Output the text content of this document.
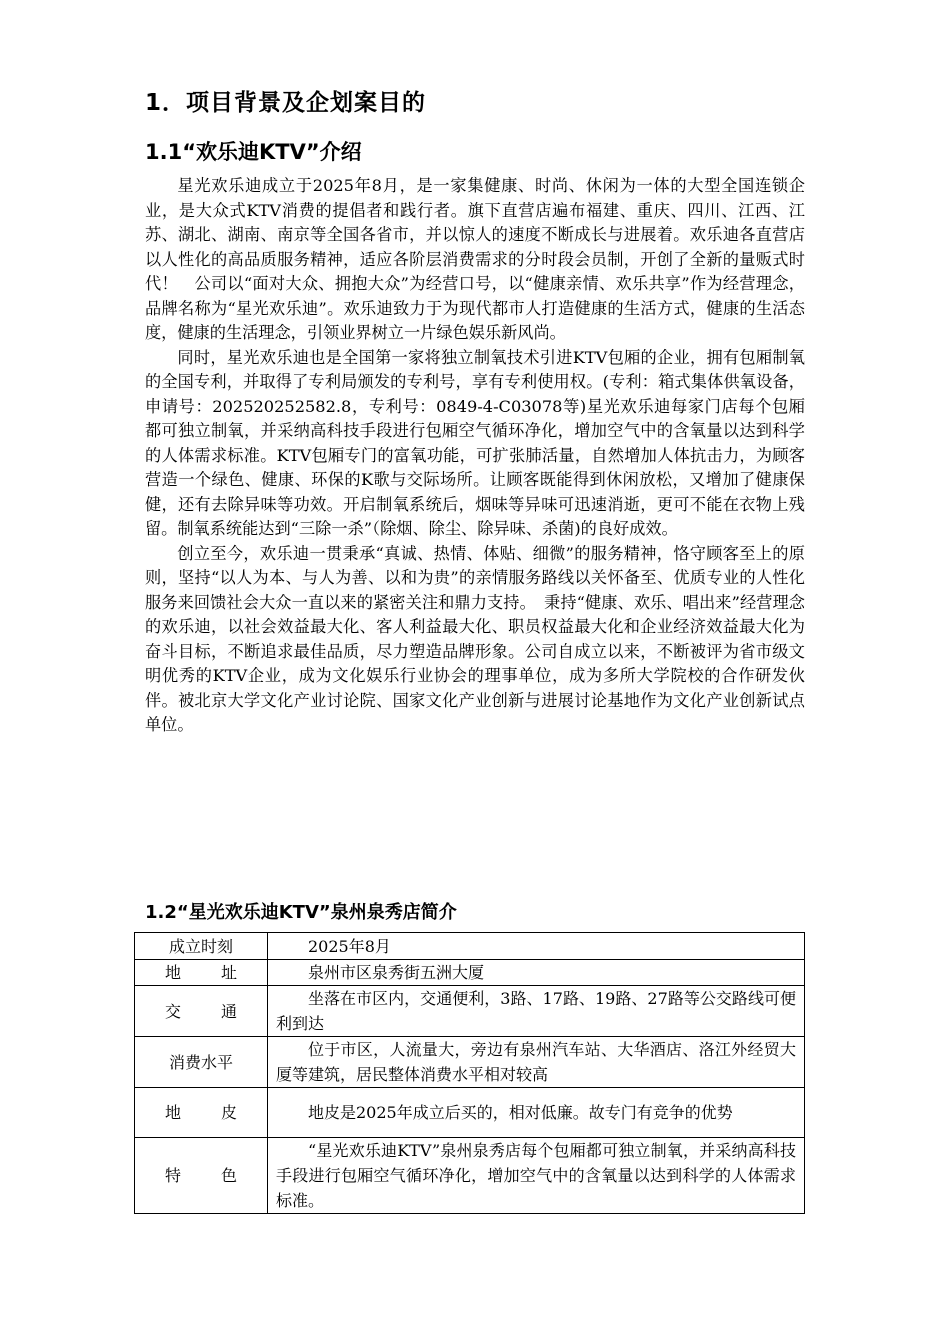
1．项目背景及企划案目的
1.1“欢乐迪KTV”介绍

星光欢乐迪成立于2025年8月，是一家集健康、时尚、休闲为一体的大型全国连锁企业，是大众式KTV消费的提倡者和践行者。旗下直营店遍布福建、重庆、四川、江西、江苏、湖北、湖南、南京等全国各省市，并以惊人的速度不断成长与进展着。欢乐迪各直营店以人性化的高品质服务精神，适应各阶层消费需求的分时段会员制，开创了全新的量贩式时代！　公司以“面对大众、拥抱大众”为经营口号，以“健康亲情、欢乐共享”作为经营理念，品牌名称为“星光欢乐迪”。欢乐迪致力于为现代都市人打造健康的生活方式，健康的生活态度，健康的生活理念，引领业界树立一片绿色娱乐新风尚。

同时，星光欢乐迪也是全国第一家将独立制氧技术引进KTV包厢的企业，拥有包厢制氧的全国专利，并取得了专利局颁发的专利号，享有专利使用权。(专利：箱式集体供氧设备，申请号：202520252582.8，专利号：0849-4-C03078等)星光欢乐迪每家门店每个包厢都可独立制氧，并采纳高科技手段进行包厢空气循环净化，增加空气中的含氧量以达到科学的人体需求标准。KTV包厢专门的富氧功能，可扩张肺活量，自然增加人体抗击力，为顾客营造一个绿色、健康、环保的K歌与交际场所。让顾客既能得到休闲放松，又增加了健康保健，还有去除异味等功效。开启制氧系统后，烟味等异味可迅速消逝，更可不能在衣物上残留。制氧系统能达到“三除一杀”（除烟、除尘、除异味、杀菌)的良好成效。

创立至今，欢乐迪一贯秉承“真诚、热情、体贴、细微”的服务精神，恪守顾客至上的原则，坚持“以人为本、与人为善、以和为贵”的亲情服务路线以关怀备至、优质专业的人性化服务来回馈社会大众一直以来的紧密关注和鼎力支持。　秉持“健康、欢乐、唱出来”经营理念的欢乐迪，以社会效益最大化、客人利益最大化、职员权益最大化和企业经济效益最大化为奋斗目标，不断追求最佳品质，尽力塑造品牌形象。公司自成立以来，不断被评为省市级文明优秀的KTV企业，成为文化娱乐行业协会的理事单位，成为多所大学院校的合作研发伙伴。被北京大学文化产业讨论院、国家文化产业创新与进展讨论基地作为文化产业创新试点单位。

1.2“星光欢乐迪KTV”泉州泉秀店简介
成立时刻	2025年8月
地址	泉州市区泉秀街五洲大厦
交通	坐落在市区内，交通便利，3路、17路、19路、27路等公交路线可便利到达
消费水平	位于市区，人流量大，旁边有泉州汽车站、大华酒店、洛江外经贸大厦等建筑，居民整体消费水平相对较高
地皮	地皮是2025年成立后买的，相对低廉。故专门有竞争的优势
特色	“星光欢乐迪KTV”泉州泉秀店每个包厢都可独立制氧，并采纳高科技手段进行包厢空气循环净化，增加空气中的含氧量以达到科学的人体需求标准。
